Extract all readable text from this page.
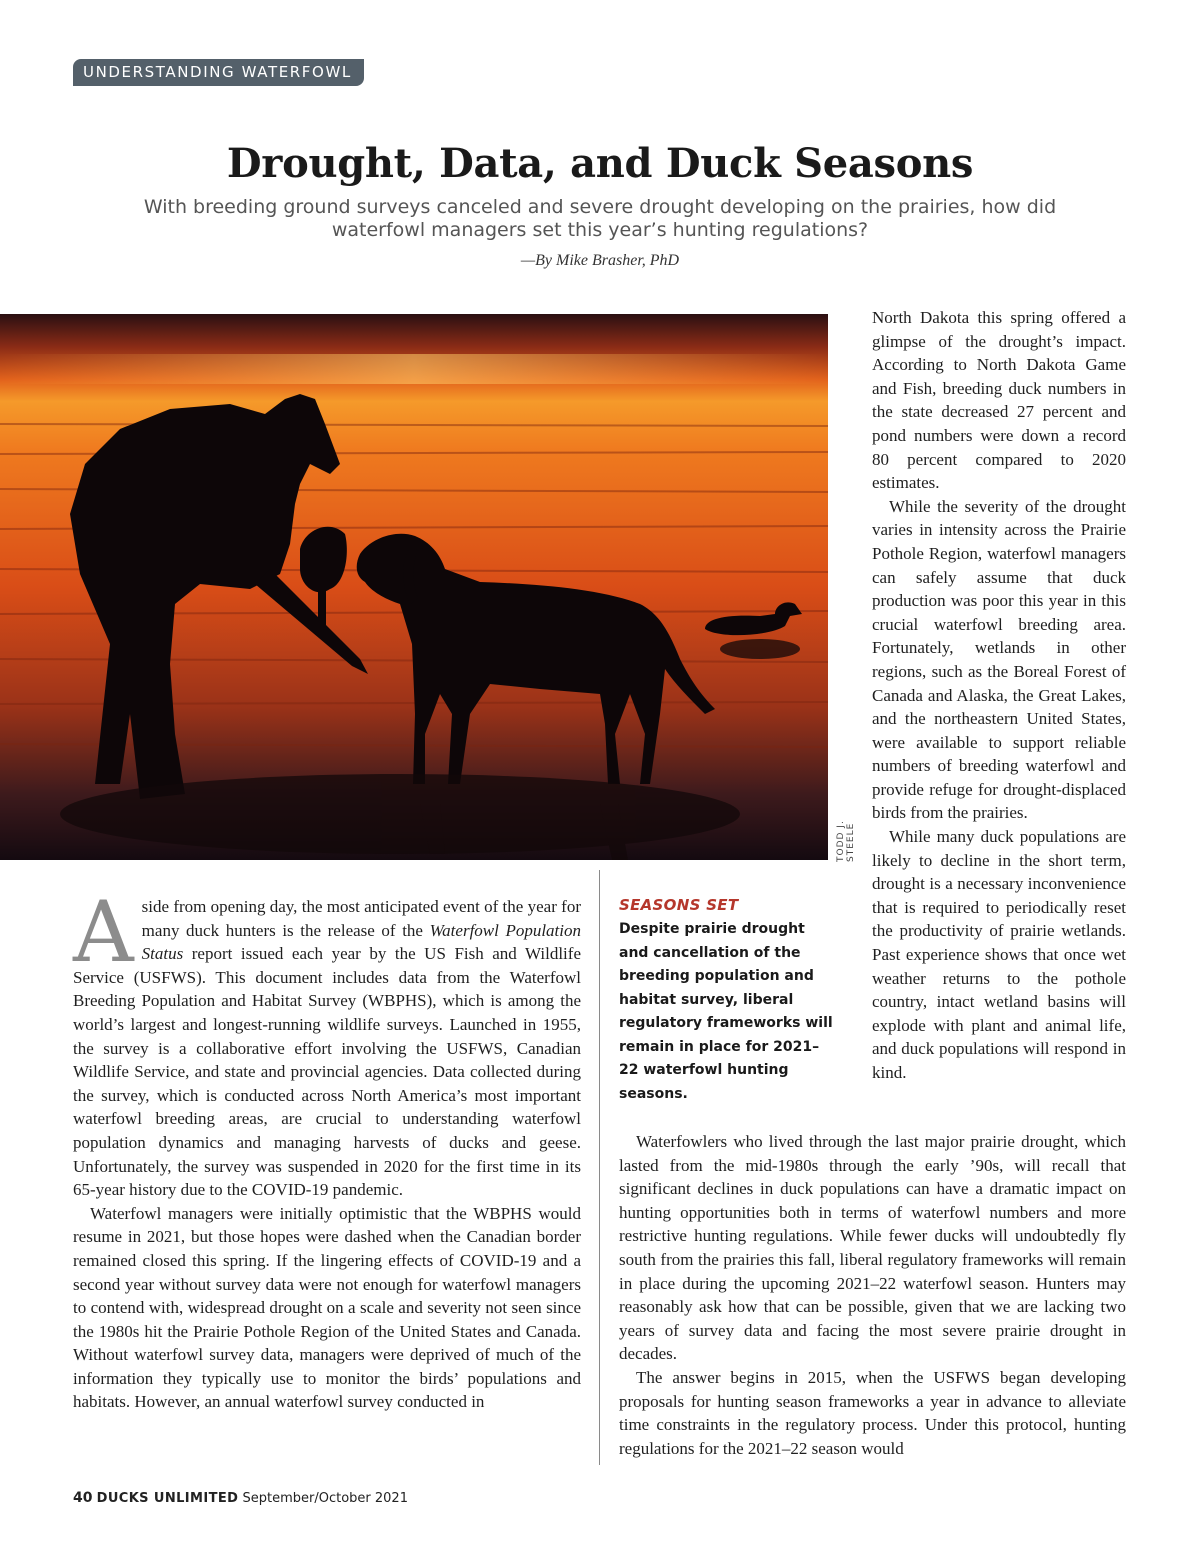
UNDERSTANDING WATERFOWL
Drought, Data, and Duck Seasons
With breeding ground surveys canceled and severe drought developing on the prairies, how did waterfowl managers set this year’s hunting regulations?
—By Mike Brasher, PhD
TODD J. STEELE

North Dakota this spring offered a glimpse of the drought’s impact. According to North Dakota Game and Fish, breeding duck numbers in the state decreased 27 percent and pond numbers were down a record 80 percent compared to 2020 estimates.

While the severity of the drought varies in intensity across the Prairie Pothole Region, waterfowl managers can safely assume that duck production was poor this year in this crucial waterfowl breeding area. Fortunately, wetlands in other regions, such as the Boreal Forest of Canada and Alaska, the Great Lakes, and the northeastern United States, were available to support reliable numbers of breeding waterfowl and provide refuge for drought-displaced birds from the prairies.

While many duck populations are likely to decline in the short term, drought is a necessary inconvenience that is required to periodically reset the productivity of prairie wetlands. Past experience shows that once wet weather returns to the pothole country, intact wetland basins will explode with plant and animal life, and duck populations will respond in kind.

Aside from opening day, the most anticipated event of the year for many duck hunters is the release of the Waterfowl Population Status report issued each year by the US Fish and Wildlife Service (USFWS). This document includes data from the Waterfowl Breeding Population and Habitat Survey (WBPHS), which is among the world’s largest and longest-running wildlife surveys. Launched in 1955, the survey is a collaborative effort involving the USFWS, Canadian Wildlife Service, and state and provincial agencies. Data collected during the survey, which is conducted across North America’s most important waterfowl breeding areas, are crucial to understanding waterfowl population dynamics and managing harvests of ducks and geese. Unfortunately, the survey was suspended in 2020 for the first time in its 65-year history due to the COVID-19 pandemic.

Waterfowl managers were initially optimistic that the WBPHS would resume in 2021, but those hopes were dashed when the Canadian border remained closed this spring. If the lingering effects of COVID-19 and a second year without survey data were not enough for waterfowl managers to contend with, widespread drought on a scale and severity not seen since the 1980s hit the Prairie Pothole Region of the United States and Canada. Without waterfowl survey data, managers were deprived of much of the information they typically use to monitor the birds’ populations and habitats. However, an annual waterfowl survey conducted in

SEASONS SET
Despite prairie drought and cancellation of the breeding population and habitat survey, liberal regulatory frameworks will remain in place for 2021–22 waterfowl hunting seasons.

Waterfowlers who lived through the last major prairie drought, which lasted from the mid-1980s through the early ’90s, will recall that significant declines in duck populations can have a dramatic impact on hunting opportunities both in terms of waterfowl numbers and more restrictive hunting regulations. While fewer ducks will undoubtedly fly south from the prairies this fall, liberal regulatory frameworks will remain in place during the upcoming 2021–22 waterfowl season. Hunters may reasonably ask how that can be possible, given that we are lacking two years of survey data and facing the most severe prairie drought in decades.

The answer begins in 2015, when the USFWS began developing proposals for hunting season frameworks a year in advance to alleviate time constraints in the regulatory process. Under this protocol, hunting regulations for the 2021–22 season would

40 DUCKS UNLIMITED September/October 2021
